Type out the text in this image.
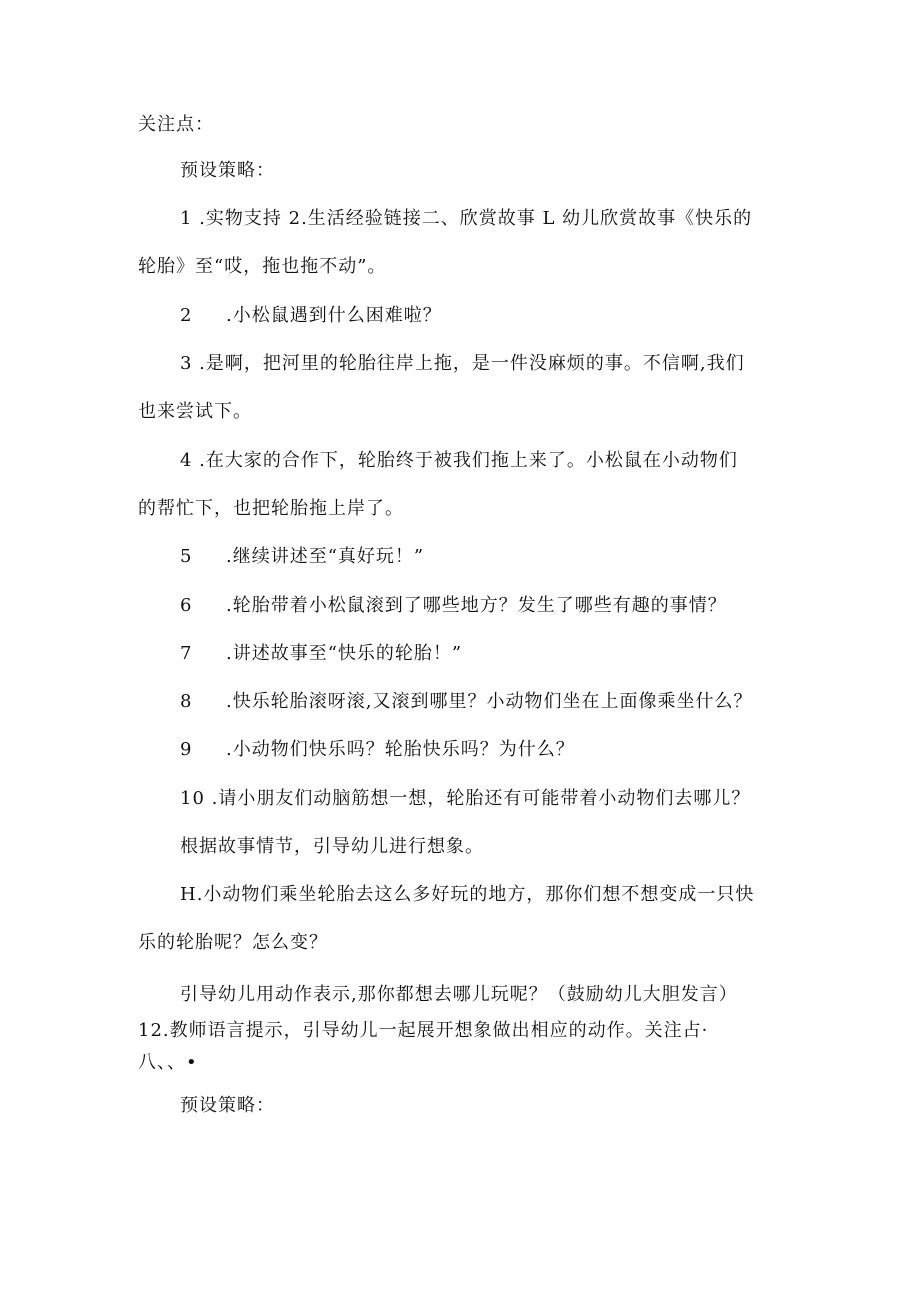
关注点：
预设策略：
1 .实物支持 2.生活经验链接二、欣赏故事 L 幼儿欣赏故事《快乐的
轮胎》至“哎，拖也拖不动”。
2 .小松鼠遇到什么困难啦？
3 .是啊，把河里的轮胎往岸上拖，是一件没麻烦的事。不信啊,我们
也来尝试下。
4 .在大家的合作下，轮胎终于被我们拖上来了。小松鼠在小动物们
的帮忙下，也把轮胎拖上岸了。
5 .继续讲述至“真好玩！”
6 .轮胎带着小松鼠滚到了哪些地方？发生了哪些有趣的事情？
7 .讲述故事至“快乐的轮胎！”
8 .快乐轮胎滚呀滚,又滚到哪里？小动物们坐在上面像乘坐什么？
9 .小动物们快乐吗？轮胎快乐吗？为什么？
10 .请小朋友们动脑筋想一想，轮胎还有可能带着小动物们去哪儿？
根据故事情节，引导幼儿进行想象。
H.小动物们乘坐轮胎去这么多好玩的地方，那你们想不想变成一只快
乐的轮胎呢？怎么变？
引导幼儿用动作表示,那你都想去哪儿玩呢？（鼓励幼儿大胆发言）
12.教师语言提示，引导幼儿一起展开想象做出相应的动作。关注占·
八、、•
预设策略：
